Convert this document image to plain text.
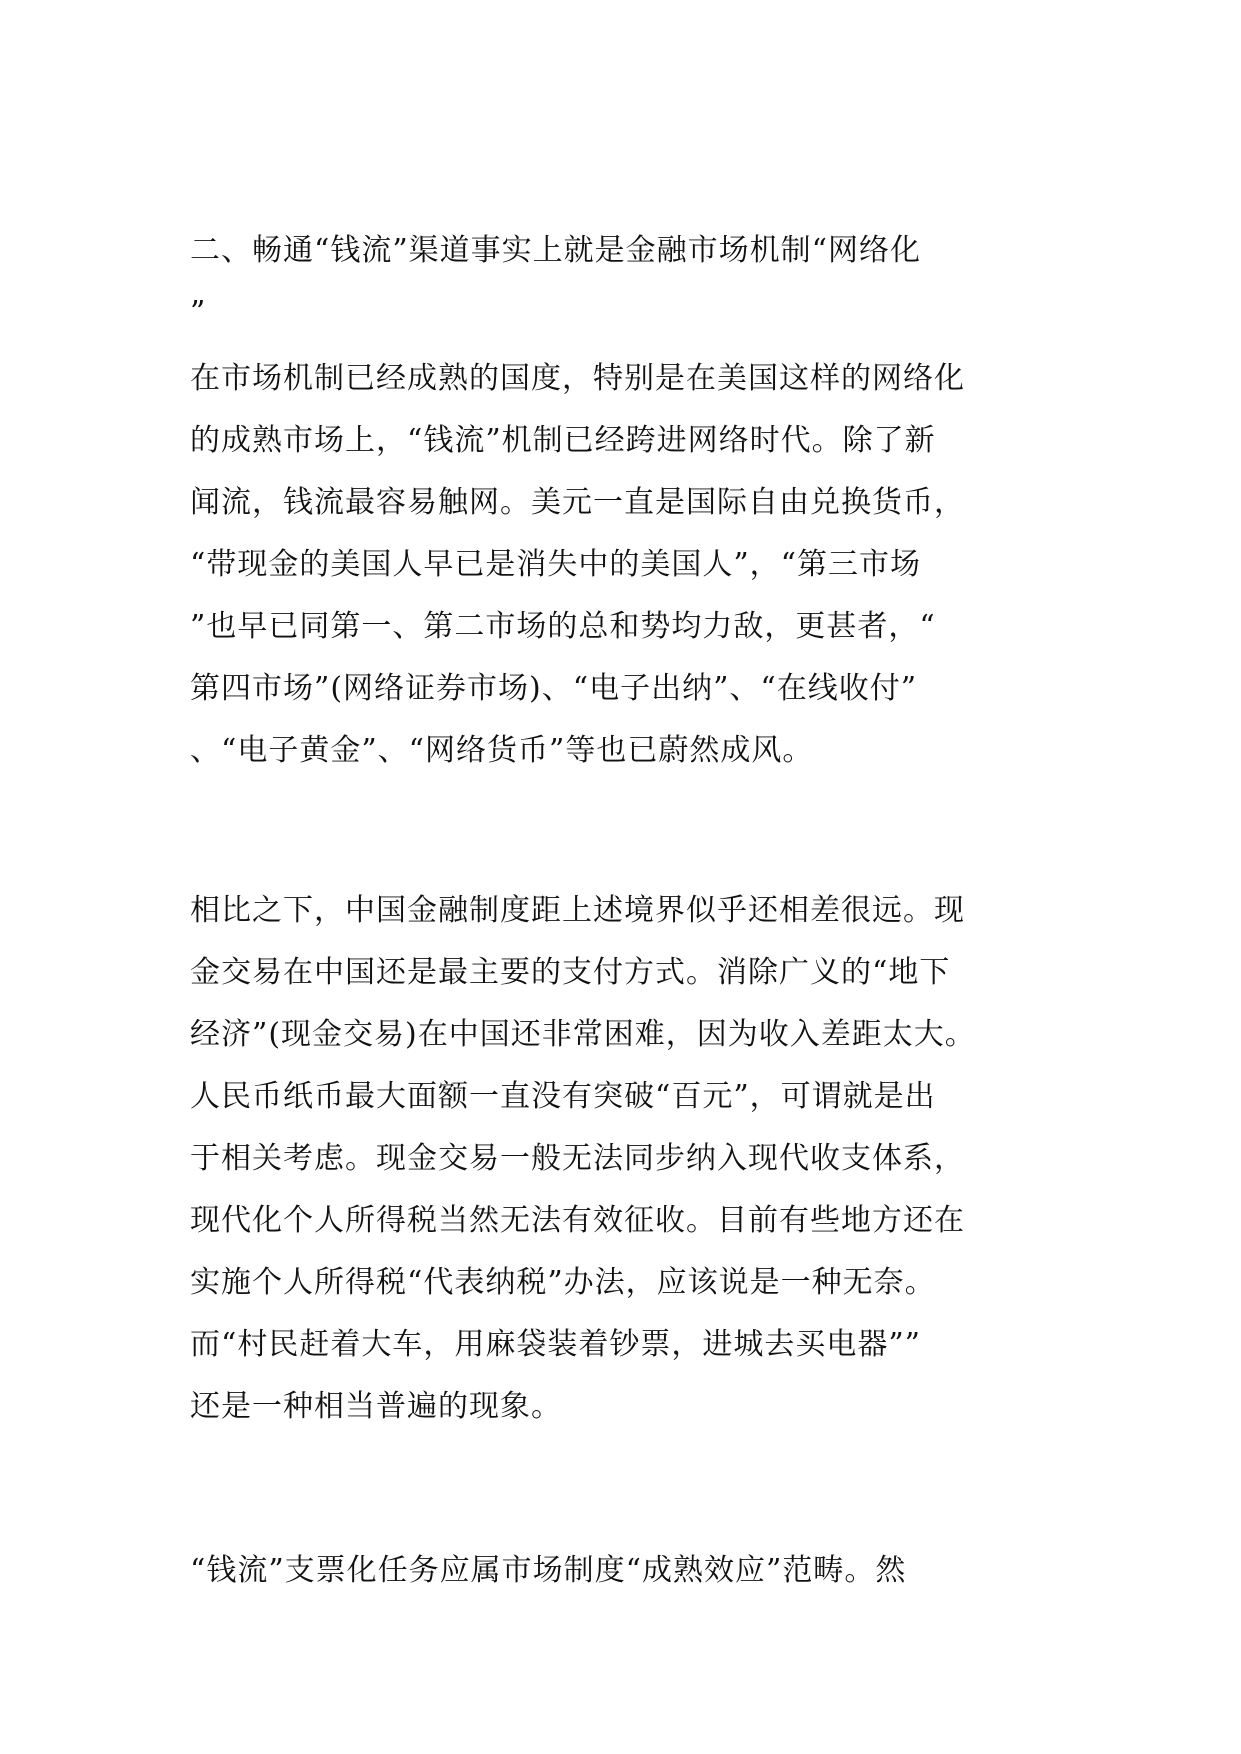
二、畅通“钱流”渠道事实上就是金融市场机制“网络化
”
在市场机制已经成熟的国度，特别是在美国这样的网络化
的成熟市场上，“钱流”机制已经跨进网络时代。除了新
闻流，钱流最容易触网。美元一直是国际自由兑换货币，
“带现金的美国人早已是消失中的美国人”，“第三市场
”也早已同第一、第二市场的总和势均力敌，更甚者，“
第四市场”(网络证券市场)、“电子出纳”、“在线收付”
、“电子黄金”、“网络货币”等也已蔚然成风。
相比之下，中国金融制度距上述境界似乎还相差很远。现
金交易在中国还是最主要的支付方式。消除广义的“地下
经济”(现金交易)在中国还非常困难，因为收入差距太大。
人民币纸币最大面额一直没有突破“百元”，可谓就是出
于相关考虑。现金交易一般无法同步纳入现代收支体系，
现代化个人所得税当然无法有效征收。目前有些地方还在
实施个人所得税“代表纳税”办法，应该说是一种无奈。
而“村民赶着大车，用麻袋装着钞票，进城去买电器””
还是一种相当普遍的现象。
“钱流”支票化任务应属市场制度“成熟效应”范畴。然
